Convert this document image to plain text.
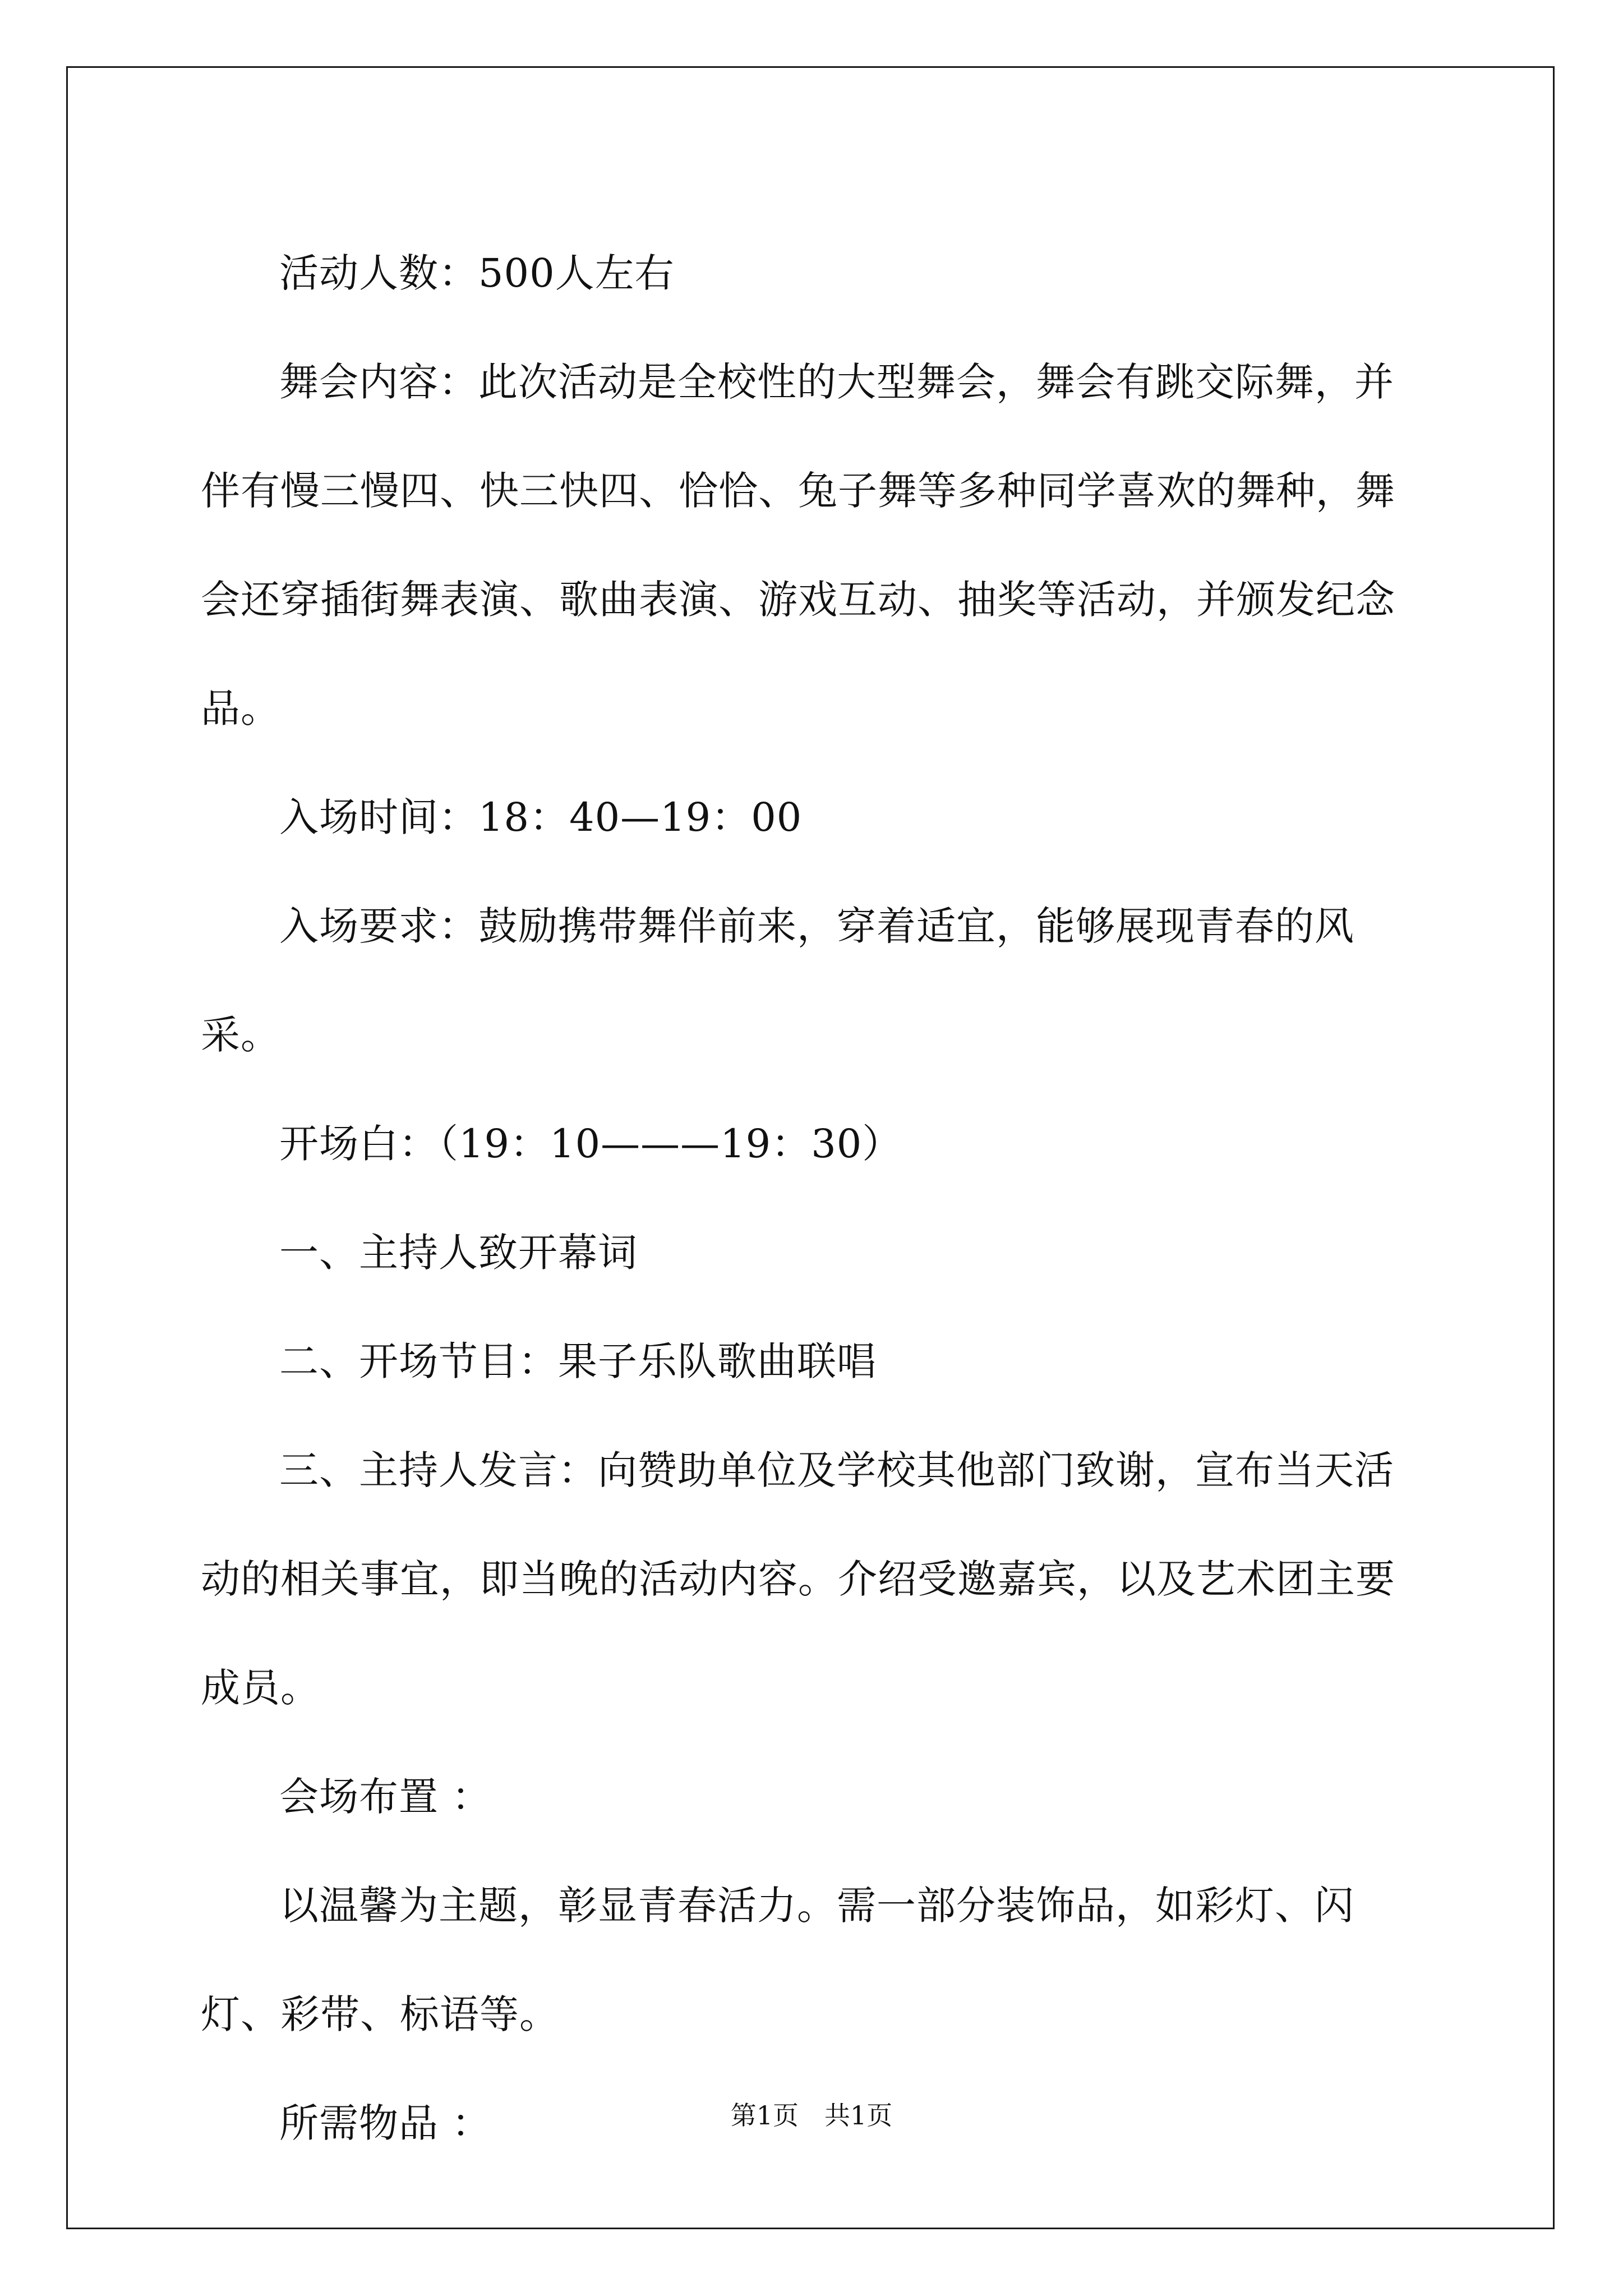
活动人数：500人左右

舞会内容：此次活动是全校性的大型舞会，舞会有跳交际舞，并伴有慢三慢四、快三快四、恰恰、兔子舞等多种同学喜欢的舞种，舞会还穿插街舞表演、歌曲表演、游戏互动、抽奖等活动，并颁发纪念品。

入场时间：18：40—19：00

入场要求：鼓励携带舞伴前来，穿着适宜，能够展现青春的风采。

开场白：（19：10———19：30）

一、主持人致开幕词

二、开场节目：果子乐队歌曲联唱

三、主持人发言：向赞助单位及学校其他部门致谢，宣布当天活动的相关事宜，即当晚的活动内容。介绍受邀嘉宾，以及艺术团主要成员。

会场布置 ：

以温馨为主题，彰显青春活力。需一部分装饰品，如彩灯、闪灯、彩带、标语等。

所需物品 ：	第1页　共1页
